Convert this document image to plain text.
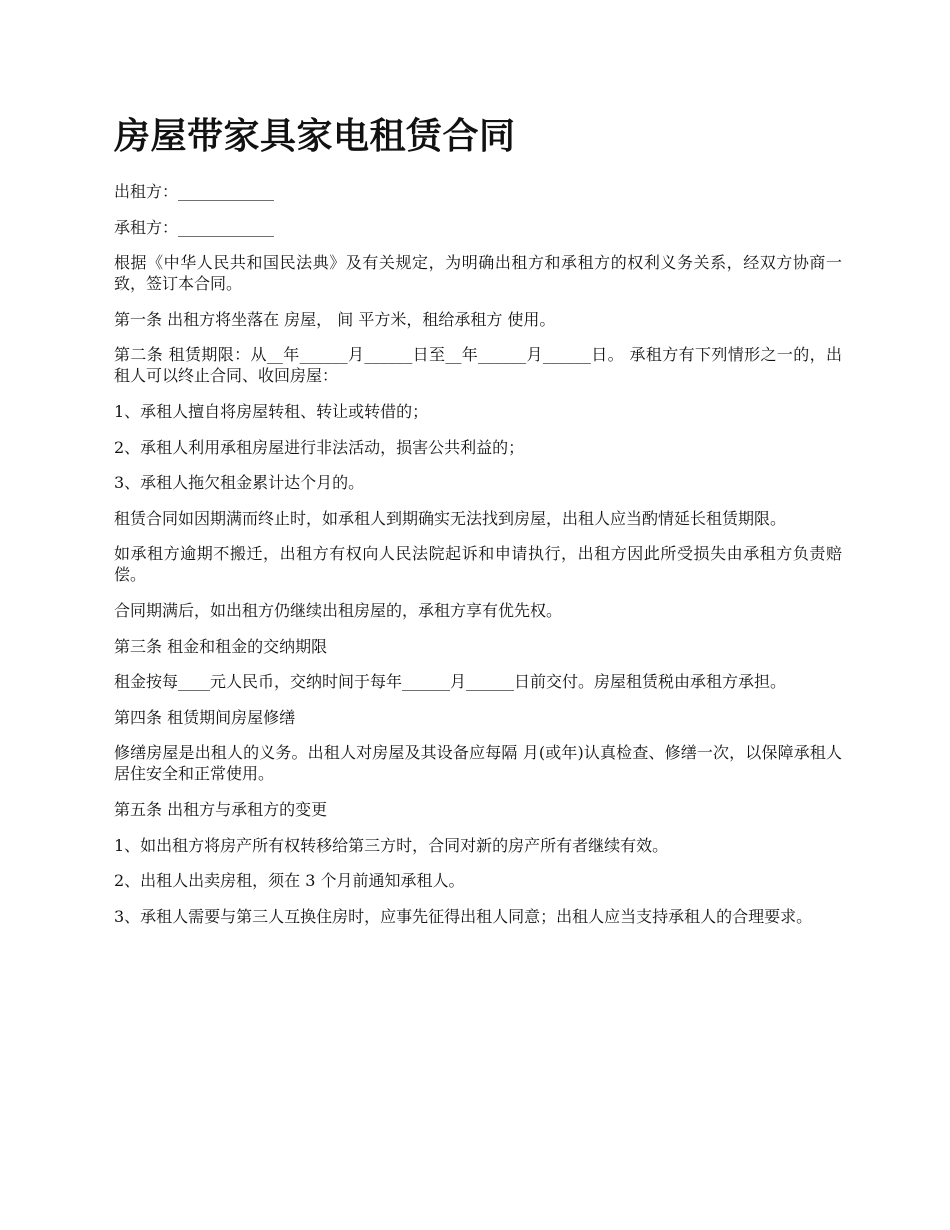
房屋带家具家电租赁合同

出租方：____________

承租方：____________

根据《中华人民共和国民法典》及有关规定，为明确出租方和承租方的权利义务关系，经双方协商一致，签订本合同。

第一条 出租方将坐落在 房屋， 间 平方米，租给承租方 使用。

第二条 租赁期限：从__年______月______日至__年______月______日。 承租方有下列情形之一的，出租人可以终止合同、收回房屋：

1、承租人擅自将房屋转租、转让或转借的；

2、承租人利用承租房屋进行非法活动，损害公共利益的；

3、承租人拖欠租金累计达个月的。

租赁合同如因期满而终止时，如承租人到期确实无法找到房屋，出租人应当酌情延长租赁期限。

如承租方逾期不搬迁，出租方有权向人民法院起诉和申请执行，出租方因此所受损失由承租方负责赔偿。

合同期满后，如出租方仍继续出租房屋的，承租方享有优先权。

第三条 租金和租金的交纳期限

租金按每____元人民币，交纳时间于每年______月______日前交付。房屋租赁税由承租方承担。

第四条 租赁期间房屋修缮

修缮房屋是出租人的义务。出租人对房屋及其设备应每隔 月(或年)认真检查、修缮一次，以保障承租人居住安全和正常使用。

第五条 出租方与承租方的变更

1、如出租方将房产所有权转移给第三方时，合同对新的房产所有者继续有效。

2、出租人出卖房租，须在 3 个月前通知承租人。

3、承租人需要与第三人互换住房时，应事先征得出租人同意；出租人应当支持承租人的合理要求。
